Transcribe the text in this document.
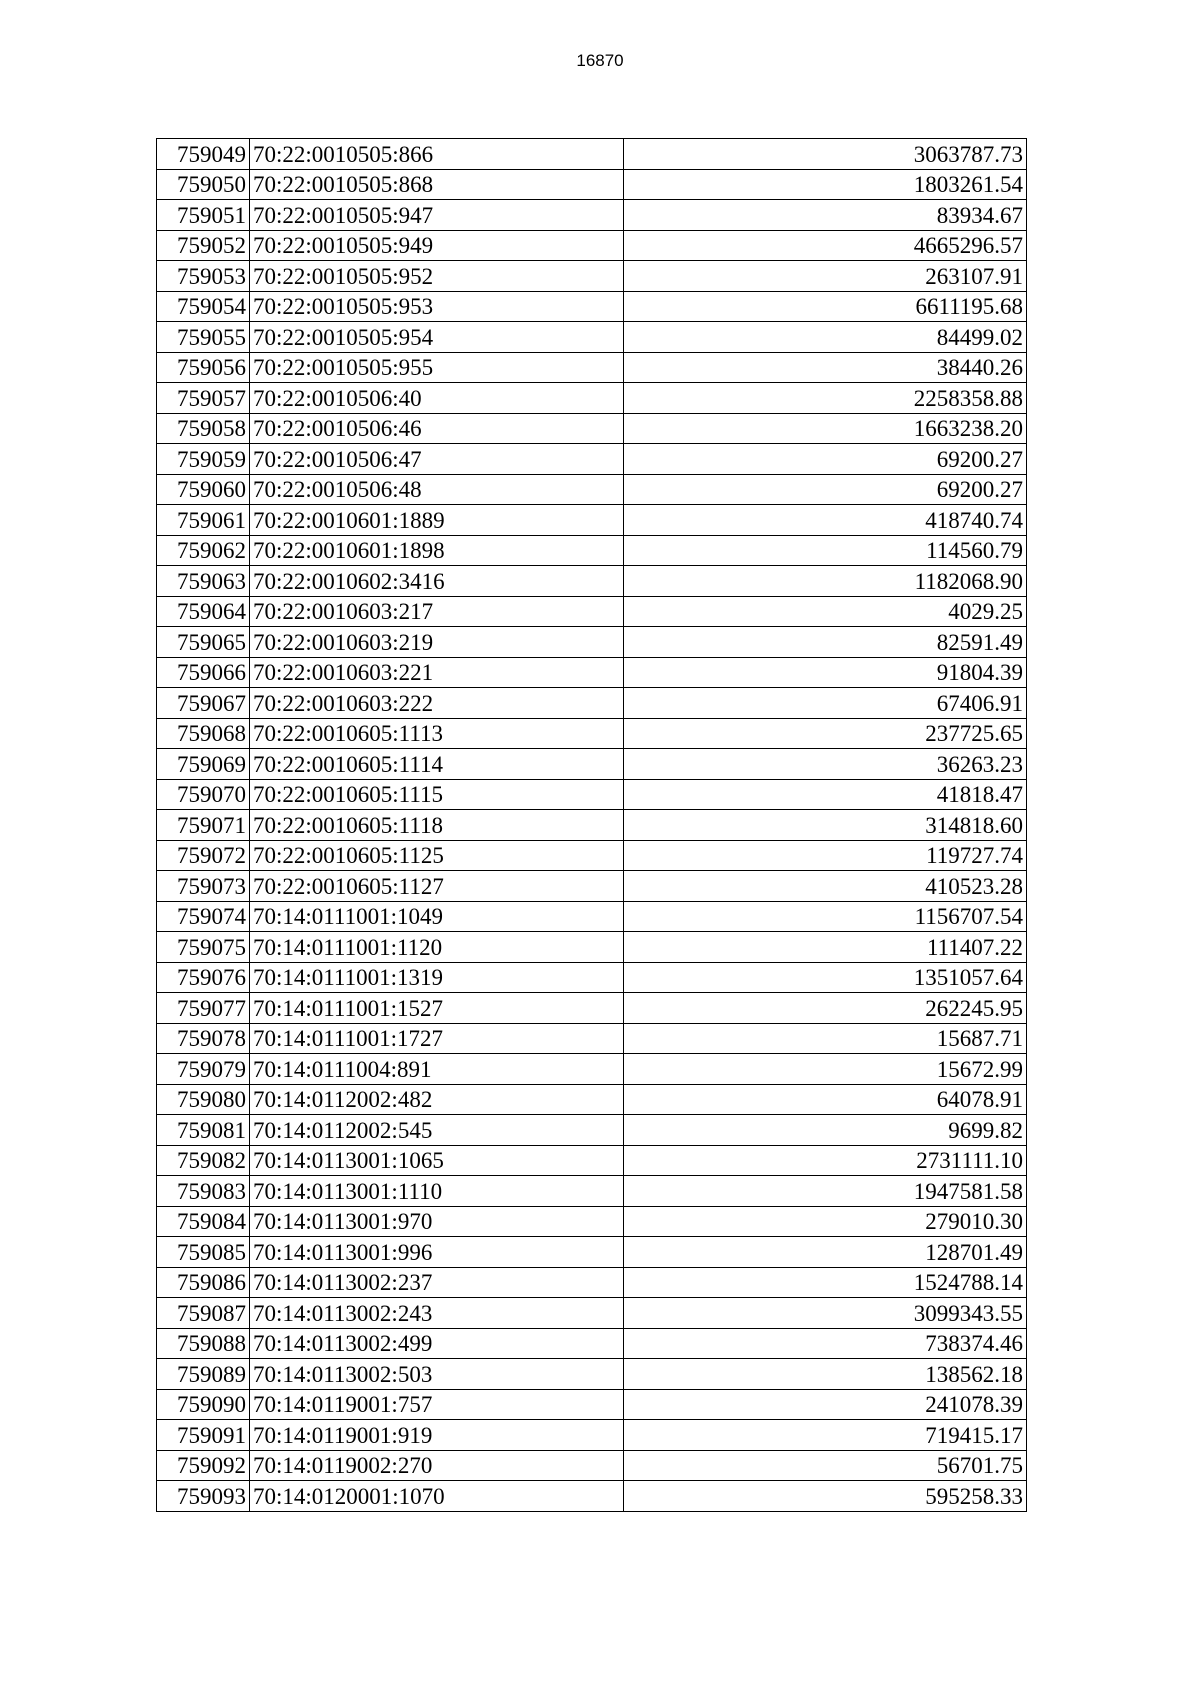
16870
759049	70:22:0010505:866	3063787.73
759050	70:22:0010505:868	1803261.54
759051	70:22:0010505:947	83934.67
759052	70:22:0010505:949	4665296.57
759053	70:22:0010505:952	263107.91
759054	70:22:0010505:953	6611195.68
759055	70:22:0010505:954	84499.02
759056	70:22:0010505:955	38440.26
759057	70:22:0010506:40	2258358.88
759058	70:22:0010506:46	1663238.20
759059	70:22:0010506:47	69200.27
759060	70:22:0010506:48	69200.27
759061	70:22:0010601:1889	418740.74
759062	70:22:0010601:1898	114560.79
759063	70:22:0010602:3416	1182068.90
759064	70:22:0010603:217	4029.25
759065	70:22:0010603:219	82591.49
759066	70:22:0010603:221	91804.39
759067	70:22:0010603:222	67406.91
759068	70:22:0010605:1113	237725.65
759069	70:22:0010605:1114	36263.23
759070	70:22:0010605:1115	41818.47
759071	70:22:0010605:1118	314818.60
759072	70:22:0010605:1125	119727.74
759073	70:22:0010605:1127	410523.28
759074	70:14:0111001:1049	1156707.54
759075	70:14:0111001:1120	111407.22
759076	70:14:0111001:1319	1351057.64
759077	70:14:0111001:1527	262245.95
759078	70:14:0111001:1727	15687.71
759079	70:14:0111004:891	15672.99
759080	70:14:0112002:482	64078.91
759081	70:14:0112002:545	9699.82
759082	70:14:0113001:1065	2731111.10
759083	70:14:0113001:1110	1947581.58
759084	70:14:0113001:970	279010.30
759085	70:14:0113001:996	128701.49
759086	70:14:0113002:237	1524788.14
759087	70:14:0113002:243	3099343.55
759088	70:14:0113002:499	738374.46
759089	70:14:0113002:503	138562.18
759090	70:14:0119001:757	241078.39
759091	70:14:0119001:919	719415.17
759092	70:14:0119002:270	56701.75
759093	70:14:0120001:1070	595258.33
